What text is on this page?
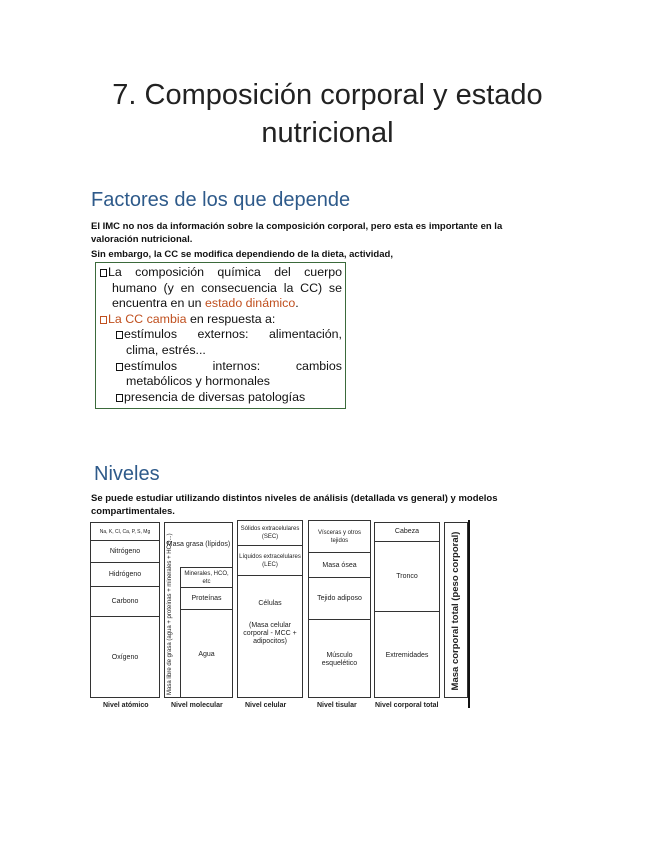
7. Composición corporal y estado
nutricional
Factores de los que depende

El IMC no nos da información sobre la composición corporal, pero esta es importante en la valoración nutricional.

Sin embargo, la CC se modifica dependiendo de la dieta, actividad,

La composición química del cuerpo
humano (y en consecuencia la CC) se
encuentra en un estado dinámico.
La CC cambia en respuesta a:
estímulos externos: alimentación,
clima, estrés...
estímulos internos: cambios
metabólicos y hormonales
presencia de diversas patologías
Niveles

Se puede estudiar utilizando distintos niveles de análisis (detallada vs general) y modelos compartimentales.

Na, K, Cl, Ca, P, S, Mg
Nitrógeno
Hidrógeno
Carbono
Oxígeno
Masa grasa (lípidos)
Masa libre de grasa (agua + proteínas + minerales + HCO...)	Minerales, HCO, etc
Proteínas
Agua
Sólidos extracelulares (SEC)
Líquidos extracelulares (LEC)
Células
(Masa celular corporal - MCC + adipocitos)
Vísceras y otros tejidos
Masa ósea
Tejido adiposo
Músculo esquelético
Cabeza
Tronco
Extremidades	Masa corporal total (peso corporal)
Nivel atómico	Nivel molecular	Nivel celular	Nivel tisular	Nivel corporal total
